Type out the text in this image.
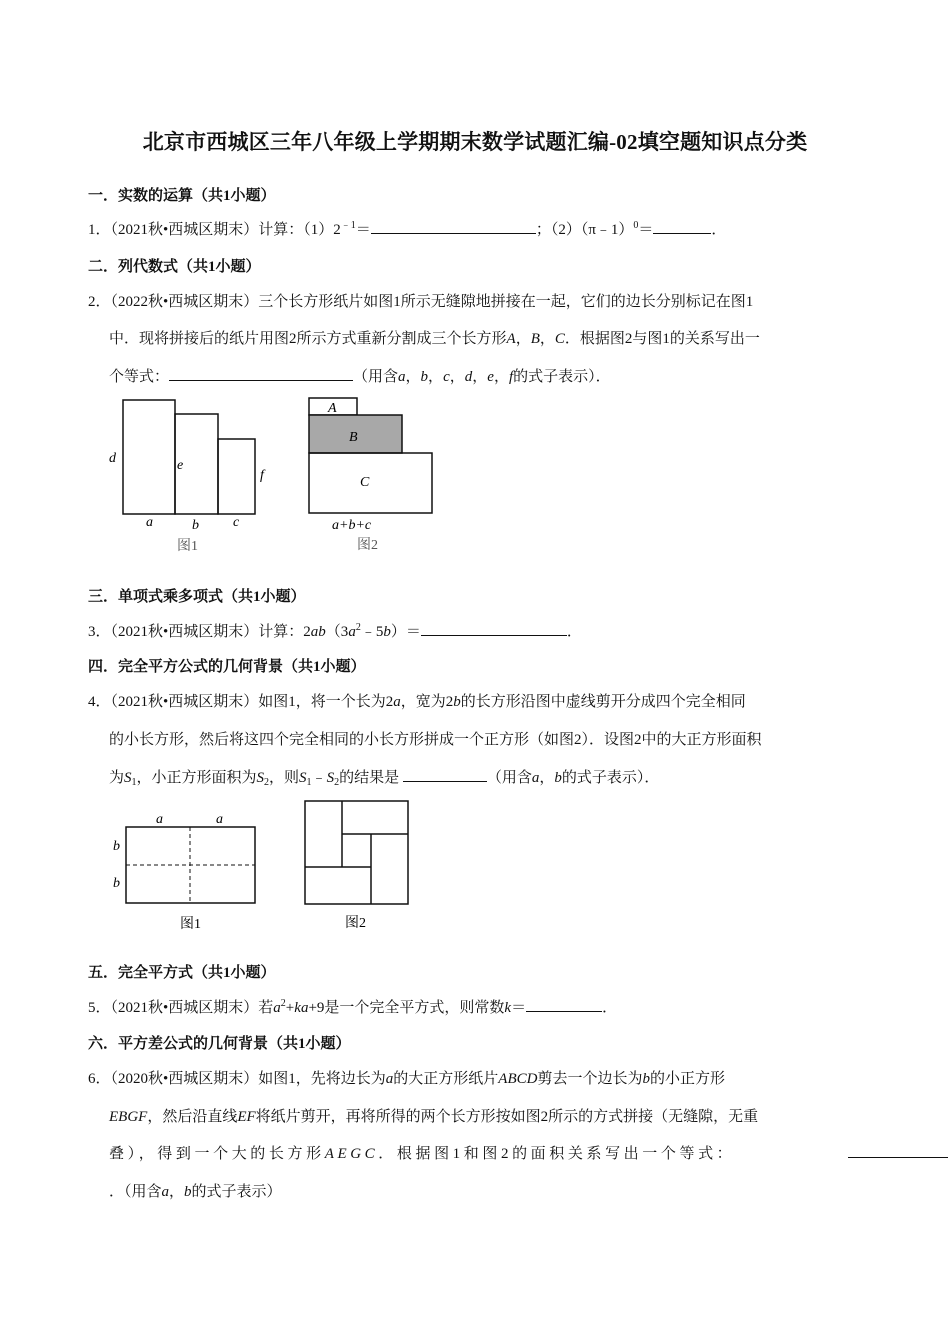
北京市西城区三年八年级上学期期末数学试题汇编-02填空题知识点分类
一．实数的运算（共1小题）
1．（2021秋•西城区期末）计算：$(1)2^{﹣1}=$	；（2）（π﹣1）$^0$＝	．
二．列代数式（共1小题）
2．（2022秋•西城区期末）三个长方形纸片如图1所示无缝隙地拼接在一起，它们的边长分别标记在图1
中．现将拼接后的纸片用图2所示方式重新分割成三个长方形A，B，C．根据图2与图1的关系写出一
个等式：	（用含a，b，c，d，e，f的式子表示）．
d	e
f
a	b c
图1
A
B
C
a+b+c
图2
三．单项式乘多项式（共1小题）
3．（2021秋•西城区期末）计算：$2ab(3a^2﹣5b)=$	．
四．完全平方公式的几何背景（共1小题）
4．（2021秋•西城区期末）如图1，将一个长为2a，宽为2b的长方形沿图中虚线剪开分成四个完全相同
的小长方形，然后将这四个完全相同的小长方形拼成一个正方形（如图2）．设图2中的大正方形面积
为$S_1$，小正方形面积为$S_2$，则$S_1﹣S_2$的结果是	（用含a，b的式子表示）．
a	a
b
b
图1	图2
五．完全平方式（共1小题）
5．（2021秋•西城区期末）若$a^2+ka+9$是一个完全平方式，则常数k＝	．
六．平方差公式的几何背景（共1小题）
6．（2020秋•西城区期末）如图1，先将边长为a的大正方形纸片ABCD剪去一个边长为b的小正方形
EBGF，然后沿直线EF将纸片剪开，再将所得的两个长方形按如图2所示的方式拼接（无缝隙，无重
叠），得到一个大的长方形AEGC．根据图1和图2的面积关系写出一个等式：
．（用含a，b的式子表示）
